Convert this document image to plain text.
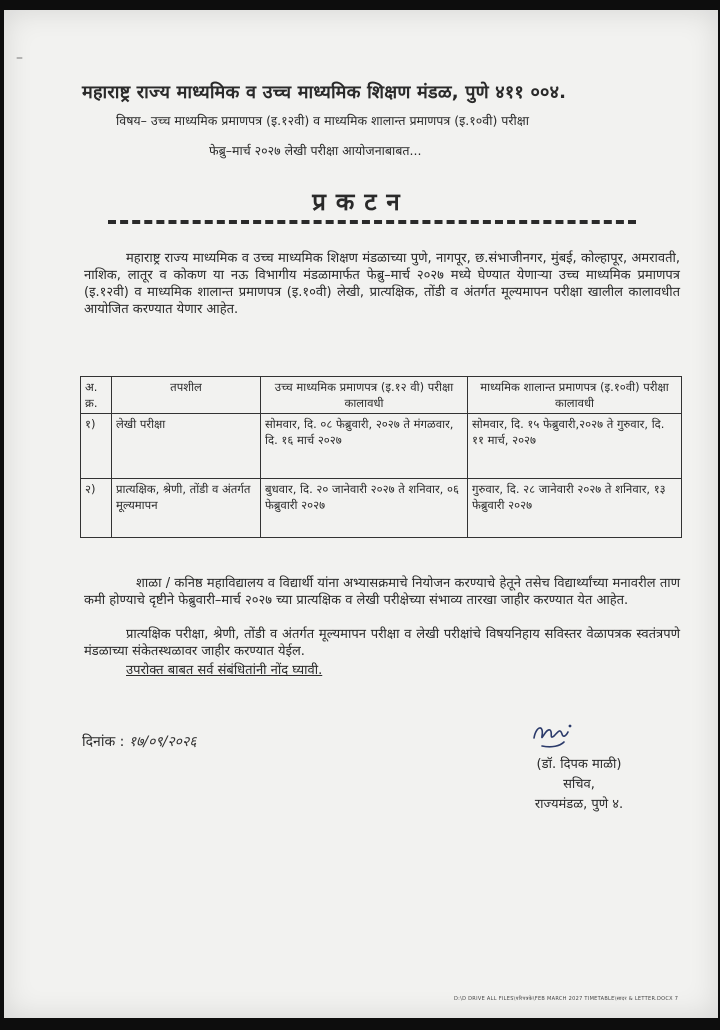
–
महाराष्ट्र राज्य माध्यमिक व उच्च माध्यमिक शिक्षण मंडळ, पुणे ४११ ००४.
विषय– उच्च माध्यमिक प्रमाणपत्र (इ.१२वी) व माध्यमिक शालान्त प्रमाणपत्र (इ.१०वी) परीक्षा
फेब्रु–मार्च २०२७ लेखी परीक्षा आयोजनाबाबत...
प्रकटन
महाराष्ट्र राज्य माध्यमिक व उच्च माध्यमिक शिक्षण मंडळाच्या पुणे, नागपूर, छ.संभाजीनगर, मुंबई, कोल्हापूर, अमरावती, नाशिक, लातूर व कोकण या नऊ विभागीय मंडळामार्फत फेब्रु–मार्च २०२७ मध्ये घेण्यात येणाऱ्या उच्च माध्यमिक प्रमाणपत्र (इ.१२वी) व माध्यमिक शालान्त प्रमाणपत्र (इ.१०वी) लेखी, प्रात्यक्षिक, तोंडी व अंतर्गत मूल्यमापन परीक्षा खालील कालावधीत आयोजित करण्यात येणार आहेत.
अ. क्र.	तपशील	उच्च माध्यमिक प्रमाणपत्र (इ.१२ वी) परीक्षा कालावधी	माध्यमिक शालान्त प्रमाणपत्र (इ.१०वी) परीक्षा कालावधी
१)	लेखी परीक्षा	सोमवार, दि. ०८ फेब्रुवारी, २०२७ ते मंगळवार, दि. १६ मार्च २०२७	सोमवार, दि. १५ फेब्रुवारी,२०२७ ते गुरुवार, दि. ११ मार्च, २०२७
२)	प्रात्यक्षिक, श्रेणी, तोंडी व अंतर्गत मूल्यमापन	बुधवार, दि. २० जानेवारी २०२७ ते शनिवार, ०६ फेब्रुवारी २०२७	गुरुवार, दि. २८ जानेवारी २०२७ ते शनिवार, १३ फेब्रुवारी २०२७
शाळा / कनिष्ठ महाविद्यालय व विद्यार्थी यांना अभ्यासक्रमाचे नियोजन करण्याचे हेतूने तसेच विद्यार्थ्यांच्या मनावरील ताण कमी होण्याचे दृष्टीने फेब्रुवारी–मार्च २०२७ च्या प्रात्यक्षिक व लेखी परीक्षेच्या संभाव्य तारखा जाहीर करण्यात येत आहेत.
प्रात्यक्षिक परीक्षा, श्रेणी, तोंडी व अंतर्गत मूल्यमापन परीक्षा व लेखी परीक्षांचे विषयनिहाय सविस्तर वेळापत्रक स्वतंत्रपणे मंडळाच्या संकेतस्थळावर जाहीर करण्यात येईल.
उपरोक्त बाबत सर्व संबंधितांनी नोंद घ्यावी.
दिनांक : १७/०९/२०२६
(डॉ. दिपक माळी)
सचिव,
राज्यमंडळ, पुणे ४.
D:\D DRIVE ALL FILES\परिपत्रके\FEB MARCH 2027 TIMETABLE\सादर & LETTER.DOCX 7
